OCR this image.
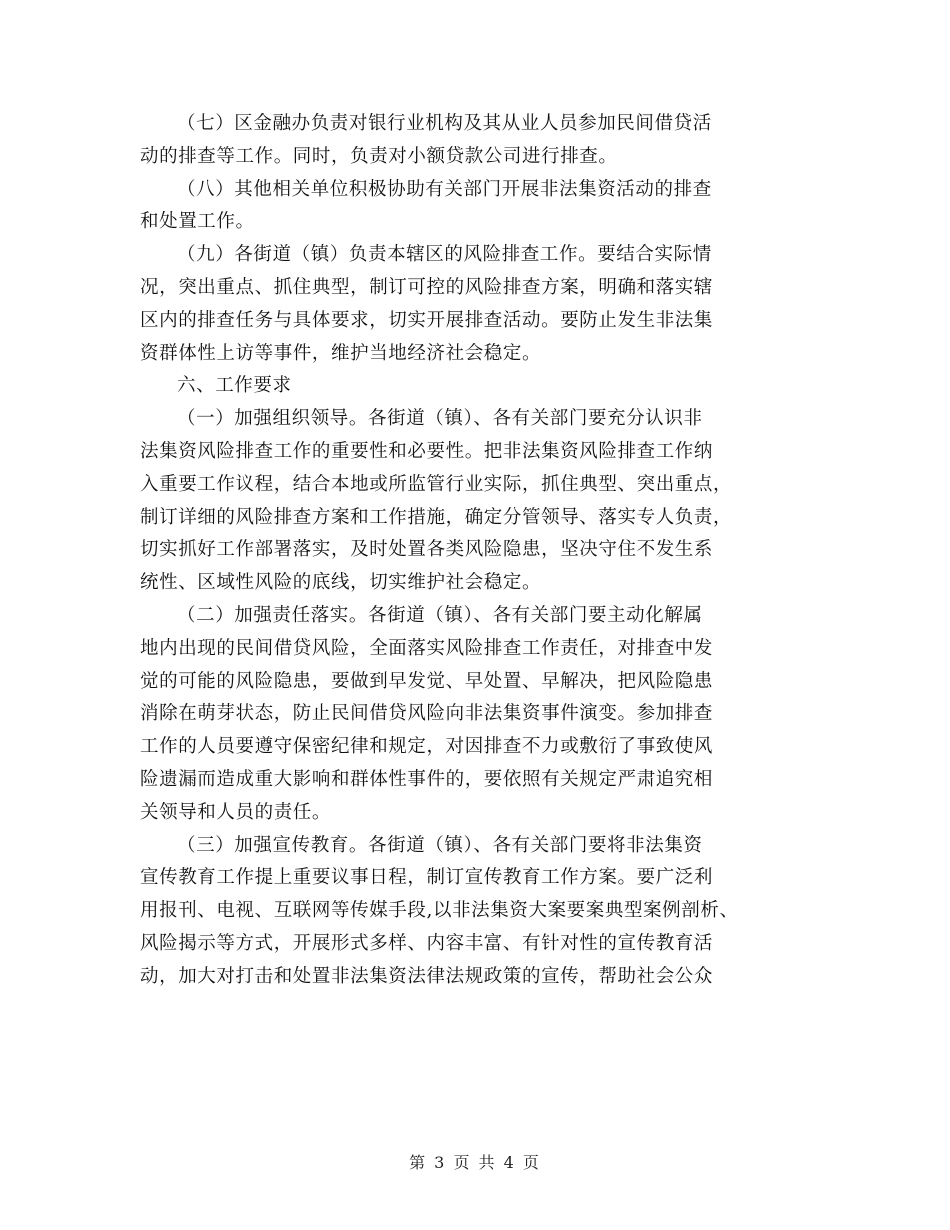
（七）区金融办负责对银行业机构及其从业人员参加民间借贷活

动的排查等工作。同时，负责对小额贷款公司进行排查。

（八）其他相关单位积极协助有关部门开展非法集资活动的排查

和处置工作。

（九）各街道（镇）负责本辖区的风险排查工作。要结合实际情

况，突出重点、抓住典型，制订可控的风险排查方案，明确和落实辖

区内的排查任务与具体要求，切实开展排查活动。要防止发生非法集

资群体性上访等事件，维护当地经济社会稳定。

六、工作要求

（一）加强组织领导。各街道（镇）、各有关部门要充分认识非

法集资风险排查工作的重要性和必要性。把非法集资风险排查工作纳

入重要工作议程，结合本地或所监管行业实际，抓住典型、突出重点，

制订详细的风险排查方案和工作措施，确定分管领导、落实专人负责，

切实抓好工作部署落实，及时处置各类风险隐患，坚决守住不发生系

统性、区域性风险的底线，切实维护社会稳定。

（二）加强责任落实。各街道（镇）、各有关部门要主动化解属

地内出现的民间借贷风险，全面落实风险排查工作责任，对排查中发

觉的可能的风险隐患，要做到早发觉、早处置、早解决，把风险隐患

消除在萌芽状态，防止民间借贷风险向非法集资事件演变。参加排查

工作的人员要遵守保密纪律和规定，对因排查不力或敷衍了事致使风

险遗漏而造成重大影响和群体性事件的，要依照有关规定严肃追究相

关领导和人员的责任。

（三）加强宣传教育。各街道（镇）、各有关部门要将非法集资

宣传教育工作提上重要议事日程，制订宣传教育工作方案。要广泛利

用报刊、电视、互联网等传媒手段,以非法集资大案要案典型案例剖析、

风险揭示等方式，开展形式多样、内容丰富、有针对性的宣传教育活

动，加大对打击和处置非法集资法律法规政策的宣传，帮助社会公众

第 3 页 共 4 页
